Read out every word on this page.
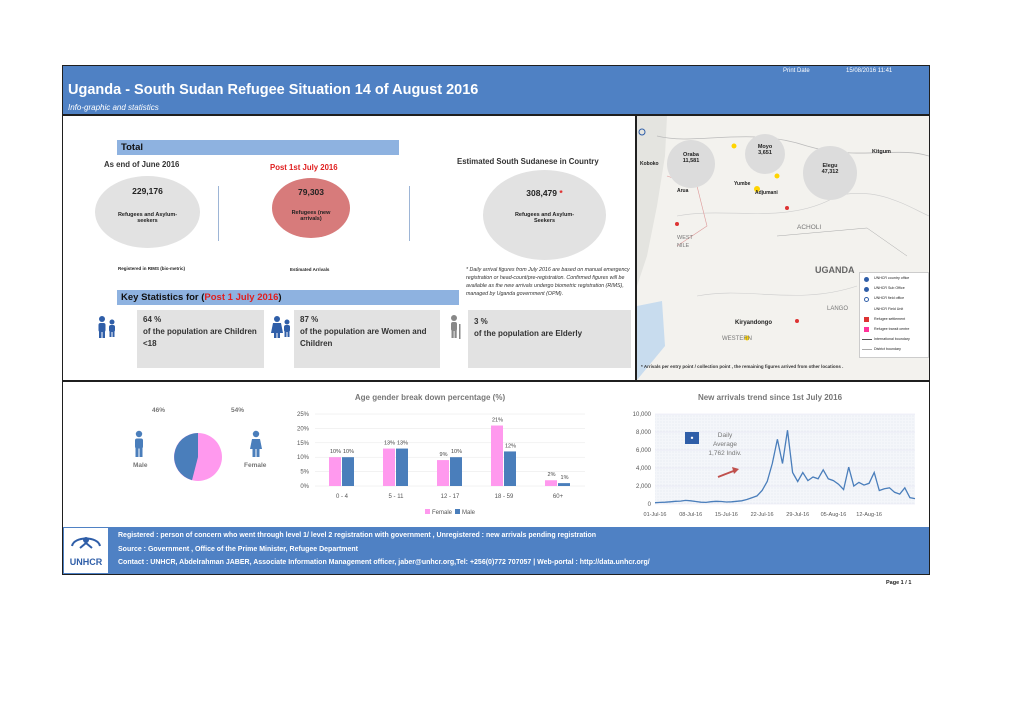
Uganda - South Sudan Refugee Situation 14 of August 2016
Info-graphic and statistics
Print Date	15/08/2016 11:41
Total
As end of June 2016
229,176
Refugees and Asylum-seekers
Registered in RIMS (bio-metric)
Post 1st July 2016
79,303
Refugees (new arrivals)
Estimated Arrivals
Estimated South Sudanese in Country
308,479 *
Refugees and Asylum-Seekers
* Daily arrival figures from July 2016 are based on manual emergency registration or head-count/pre-registration. Confirmed figures will be available as the new arrivals undergo biometric registration (RIMS), managed by Uganda government (OPM).
Key Statistics for (Post 1 July 2016)
64 %
of the population are Children <18
87 %
of the population are Women and Children
3 %
of the population are Elderly
Oraba
11,581
Moyo
3,651
Elegu
47,312
Koboko
Yumbe
Arua	Adjumani
Kitgum
ACHOLI
WEST NILE
UGANDA
LANGO
Kiryandongo
WESTERN
UNHCR country office
UNHCR Sub Office
UNHCR field office
UNHCR Field Unit
Refugee settlement
Refugee transit centre
International boundary
District boundary
* Arrivals per entry point / collection point , the remaining figures arrived from other locations .
46%	54%
Male	Female
Age gender break down percentage (%)
0%
5%
10%
15%
20%
25%
10% 10%
0 - 4
13% 13%
5 - 11
9% 10%
12 - 17
21%
12%
18 - 59
2% 1%
60+
Female Male
New arrivals trend since 1st July 2016
0
2,000
4,000
6,000
8,000
10,000
01-Jul-16 08-Jul-16 15-Jul-16 22-Jul-16 29-Jul-16 05-Aug-16 12-Aug-16
•	Daily
Average
1,762 Indiv.
UNHCR
Registered : person of concern who went through level 1/ level 2 registration with government , Unregistered : new arrivals pending registration
Source : Government , Office of the Prime Minister, Refugee Department
Contact : UNHCR, Abdelrahman JABER, Associate Information Management officer, jaber@unhcr.org,Tel: +256(0)772 707057 | Web-portal : http://data.unhcr.org/
Page 1 / 1
